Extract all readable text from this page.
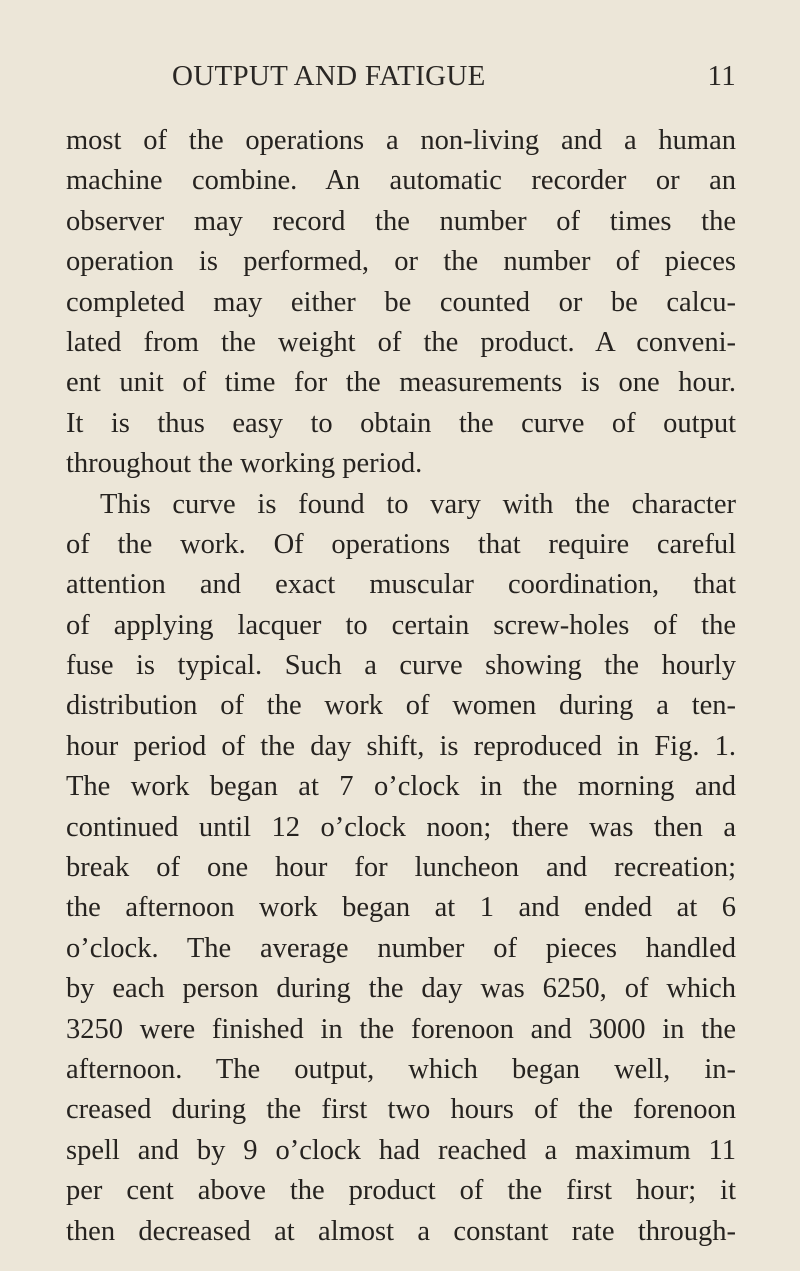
OUTPUT AND FATIGUE	11
most of the operations a non-living and a human
machine combine. An automatic recorder or an
observer may record the number of times the
operation is performed, or the number of pieces
completed may either be counted or be calcu-
lated from the weight of the product. A conveni-
ent unit of time for the measurements is one hour.
It is thus easy to obtain the curve of output
throughout the working period.
This curve is found to vary with the character
of the work. Of operations that require careful
attention and exact muscular coordination, that
of applying lacquer to certain screw-holes of the
fuse is typical. Such a curve showing the hourly
distribution of the work of women during a ten-
hour period of the day shift, is reproduced in Fig. 1.
The work began at 7 o’clock in the morning and
continued until 12 o’clock noon; there was then a
break of one hour for luncheon and recreation;
the afternoon work began at 1 and ended at 6
o’clock. The average number of pieces handled
by each person during the day was 6250, of which
3250 were finished in the forenoon and 3000 in the
afternoon. The output, which began well, in-
creased during the first two hours of the forenoon
spell and by 9 o’clock had reached a maximum 11
per cent above the product of the first hour; it
then decreased at almost a constant rate through-
